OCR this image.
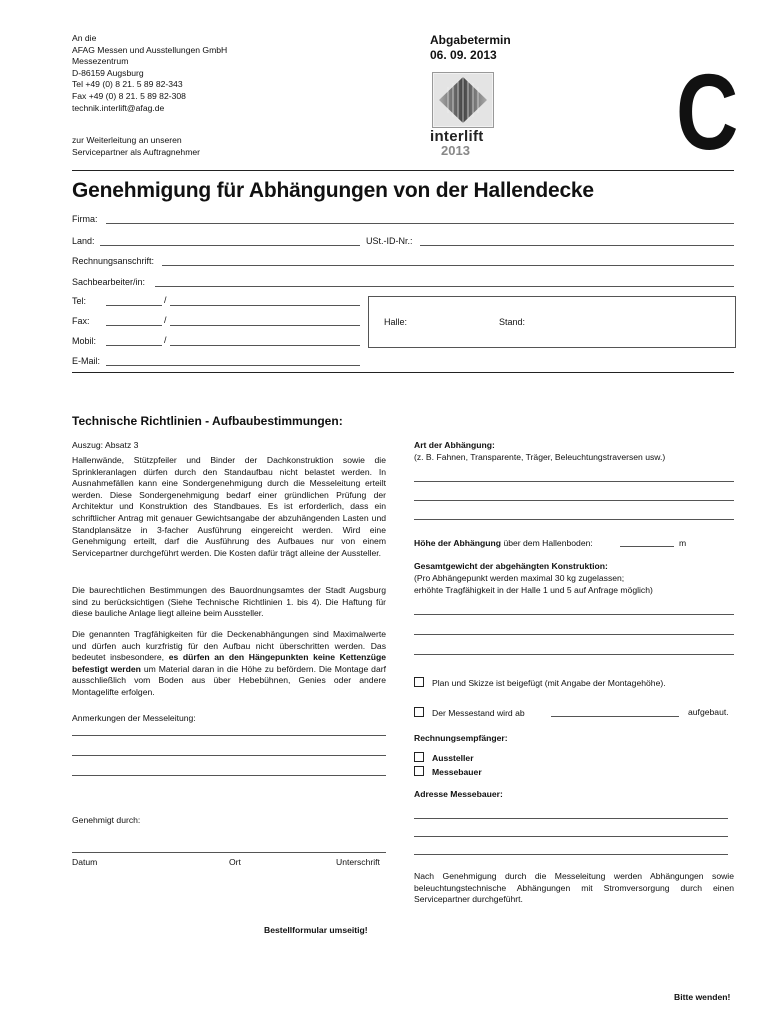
An die
AFAG Messen und Ausstellungen GmbH
Messezentrum
D-86159 Augsburg
Tel +49 (0) 8 21. 5 89 82-343
Fax +49 (0) 8 21. 5 89 82-308
technik.interlift@afag.de
zur Weiterleitung an unseren
Servicepartner als Auftragnehmer
Abgabetermin
06. 09. 2013
interlift
2013 C
Genehmigung für Abhängungen von der Hallendecke
Firma:
Land:	USt.-ID-Nr.:
Rechnungsanschrift:
Sachbearbeiter/in:
Tel:	/
Fax:	/
Mobil:	/
E-Mail:
Halle:	Stand:
Technische Richtlinien - Aufbaubestimmungen:
Auszug: Absatz 3
Hallenwände, Stützpfeiler und Binder der Dachkonstruktion sowie die Sprinkleranlagen dürfen durch den Standaufbau nicht belastet werden. In Ausnahmefällen kann eine Sondergenehmigung durch die Messeleitung erteilt werden. Diese Sondergenehmigung bedarf einer gründlichen Prüfung der Architektur und Konstruktion des Standbaues. Es ist erforderlich, dass ein schriftlicher Antrag mit genauer Gewichtsangabe der abzuhängenden Lasten und Standplansätze in 3-facher Ausführung eingereicht werden. Wird eine Genehmigung erteilt, darf die Ausführung des Aufbaues nur von einem Servicepartner durchgeführt werden. Die Kosten dafür trägt alleine der Aussteller.
Die baurechtlichen Bestimmungen des Bauordnungsamtes der Stadt Augsburg sind zu berücksichtigen (Siehe Technische Richtlinien 1. bis 4). Die Haftung für diese bauliche Anlage liegt alleine beim Aussteller.
Die genannten Tragfähigkeiten für die Deckenabhängungen sind Maximalwerte und dürfen auch kurzfristig für den Aufbau nicht überschritten werden. Das bedeutet insbesondere, es dürfen an den Hängepunkten keine Kettenzüge befestigt werden um Material daran in die Höhe zu befördern. Die Montage darf ausschließlich vom Boden aus über Hebebühnen, Genies oder andere Montagelifte erfolgen.
Anmerkungen der Messeleitung:
Genehmigt durch:
Datum	Ort	Unterschrift
Bestellformular umseitig!
Art der Abhängung:
(z. B. Fahnen, Transparente, Träger, Beleuchtungstraversen usw.)
Höhe der Abhängung über dem Hallenboden:	m
Gesamtgewicht der abgehängten Konstruktion:
(Pro Abhängepunkt werden maximal 30 kg zugelassen;
erhöhte Tragfähigkeit in der Halle 1 und 5 auf Anfrage möglich)
Plan und Skizze ist beigefügt (mit Angabe der Montagehöhe).
Der Messestand wird ab	aufgebaut.
Rechnungsempfänger:
Aussteller
Messebauer
Adresse Messebauer:
Nach Genehmigung durch die Messeleitung werden Abhängungen sowie beleuchtungstechnische Abhängungen mit Stromversorgung durch einen Servicepartner durchgeführt.
Bitte wenden!
